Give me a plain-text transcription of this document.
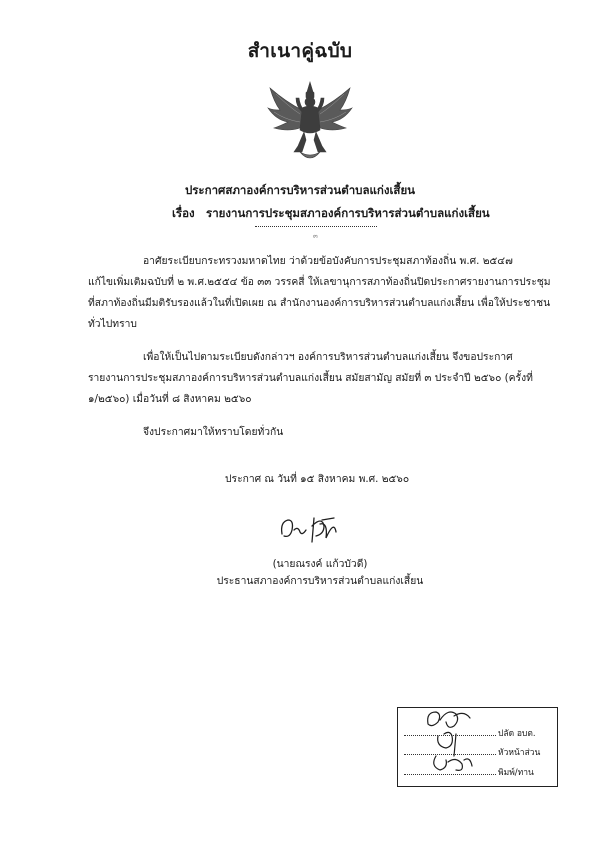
สำเนาคู่ฉบับ
ประกาศสภาองค์การบริหารส่วนตำบลแก่งเสี้ยน
เรื่อง รายงานการประชุมสภาองค์การบริหารส่วนตำบลแก่งเสี้ยน
๓
อาศัยระเบียบกระทรวงมหาดไทย ว่าด้วยข้อบังคับการประชุมสภาท้องถิ่น พ.ศ. ๒๕๔๗
แก้ไขเพิ่มเติมฉบับที่ ๒ พ.ศ.๒๕๕๔ ข้อ ๓๓ วรรคสี่ ให้เลขานุการสภาท้องถิ่นปิดประกาศรายงานการประชุม
ที่สภาท้องถิ่นมีมติรับรองแล้วในที่เปิดเผย ณ สำนักงานองค์การบริหารส่วนตำบลแก่งเสี้ยน เพื่อให้ประชาชน
ทั่วไปทราบ
เพื่อให้เป็นไปตามระเบียบดังกล่าวฯ องค์การบริหารส่วนตำบลแก่งเสี้ยน จึงขอประกาศ
รายงานการประชุมสภาองค์การบริหารส่วนตำบลแก่งเสี้ยน สมัยสามัญ สมัยที่ ๓ ประจำปี ๒๕๖๐ (ครั้งที่
๑/๒๕๖๐) เมื่อวันที่ ๘ สิงหาคม ๒๕๖๐
จึงประกาศมาให้ทราบโดยทั่วกัน
ประกาศ ณ วันที่ ๑๕ สิงหาคม พ.ศ. ๒๕๖๐
(นายณรงค์ แก้วบัวดี)
ประธานสภาองค์การบริหารส่วนตำบลแก่งเสี้ยน
ปลัด อบต.
หัวหน้าส่วน
พิมพ์/ทาน
